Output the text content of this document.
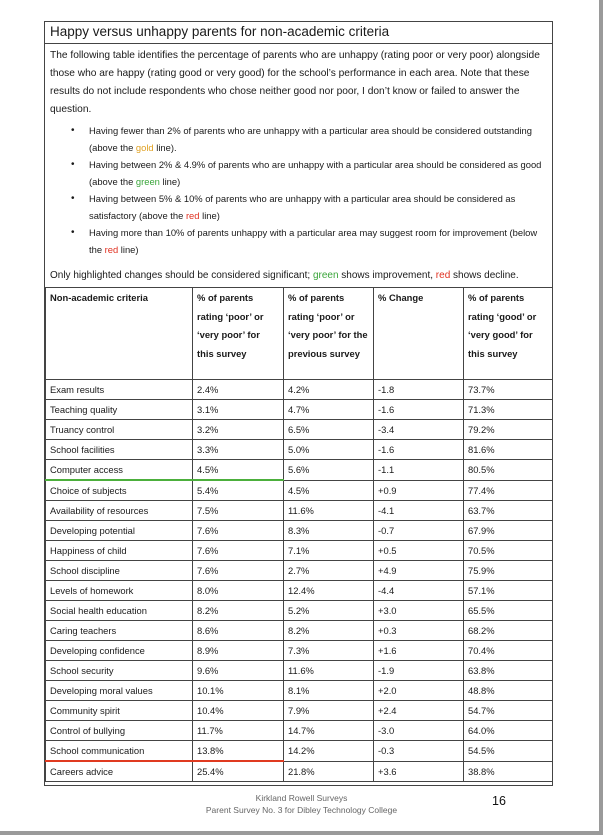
Happy versus unhappy parents for non-academic criteria

The following table identifies the percentage of parents who are unhappy (rating poor or very poor) alongside those who are happy (rating good or very good) for the school’s performance in each area. Note that these results do not include respondents who chose neither good nor poor, I don’t know or failed to answer the question.

• Having fewer than 2% of parents who are unhappy with a particular area should be considered outstanding (above the gold line).
• Having between 2% & 4.9% of parents who are unhappy with a particular area should be considered as good (above the green line)
• Having between 5% & 10% of parents who are unhappy with a particular area should be considered as satisfactory (above the red line)
• Having more than 10% of parents unhappy with a particular area may suggest room for improvement (below the red line)

Only highlighted changes should be considered significant; green shows improvement, red shows decline.

Non-academic criteria	% of parents rating ‘poor’ or ‘very poor’ for this survey	% of parents rating ‘poor’ or ‘very poor’ for the previous survey	% Change	% of parents rating ‘good’ or ‘very good’ for this survey
Exam results	2.4%	4.2%	-1.8	73.7%
Teaching quality	3.1%	4.7%	-1.6	71.3%
Truancy control	3.2%	6.5%	-3.4	79.2%
School facilities	3.3%	5.0%	-1.6	81.6%
Computer access	4.5%	5.6%	-1.1	80.5%
Choice of subjects	5.4%	4.5%	+0.9	77.4%
Availability of resources	7.5%	11.6%	-4.1	63.7%
Developing potential	7.6%	8.3%	-0.7	67.9%
Happiness of child	7.6%	7.1%	+0.5	70.5%
School discipline	7.6%	2.7%	+4.9	75.9%
Levels of homework	8.0%	12.4%	-4.4	57.1%
Social health education	8.2%	5.2%	+3.0	65.5%
Caring teachers	8.6%	8.2%	+0.3	68.2%
Developing confidence	8.9%	7.3%	+1.6	70.4%
School security	9.6%	11.6%	-1.9	63.8%
Developing moral values	10.1%	8.1%	+2.0	48.8%
Community spirit	10.4%	7.9%	+2.4	54.7%
Control of bullying	11.7%	14.7%	-3.0	64.0%
School communication	13.8%	14.2%	-0.3	54.5%
Careers advice	25.4%	21.8%	+3.6	38.8%
Kirkland Rowell Surveys
Parent Survey No. 3 for Dibley Technology College
16
